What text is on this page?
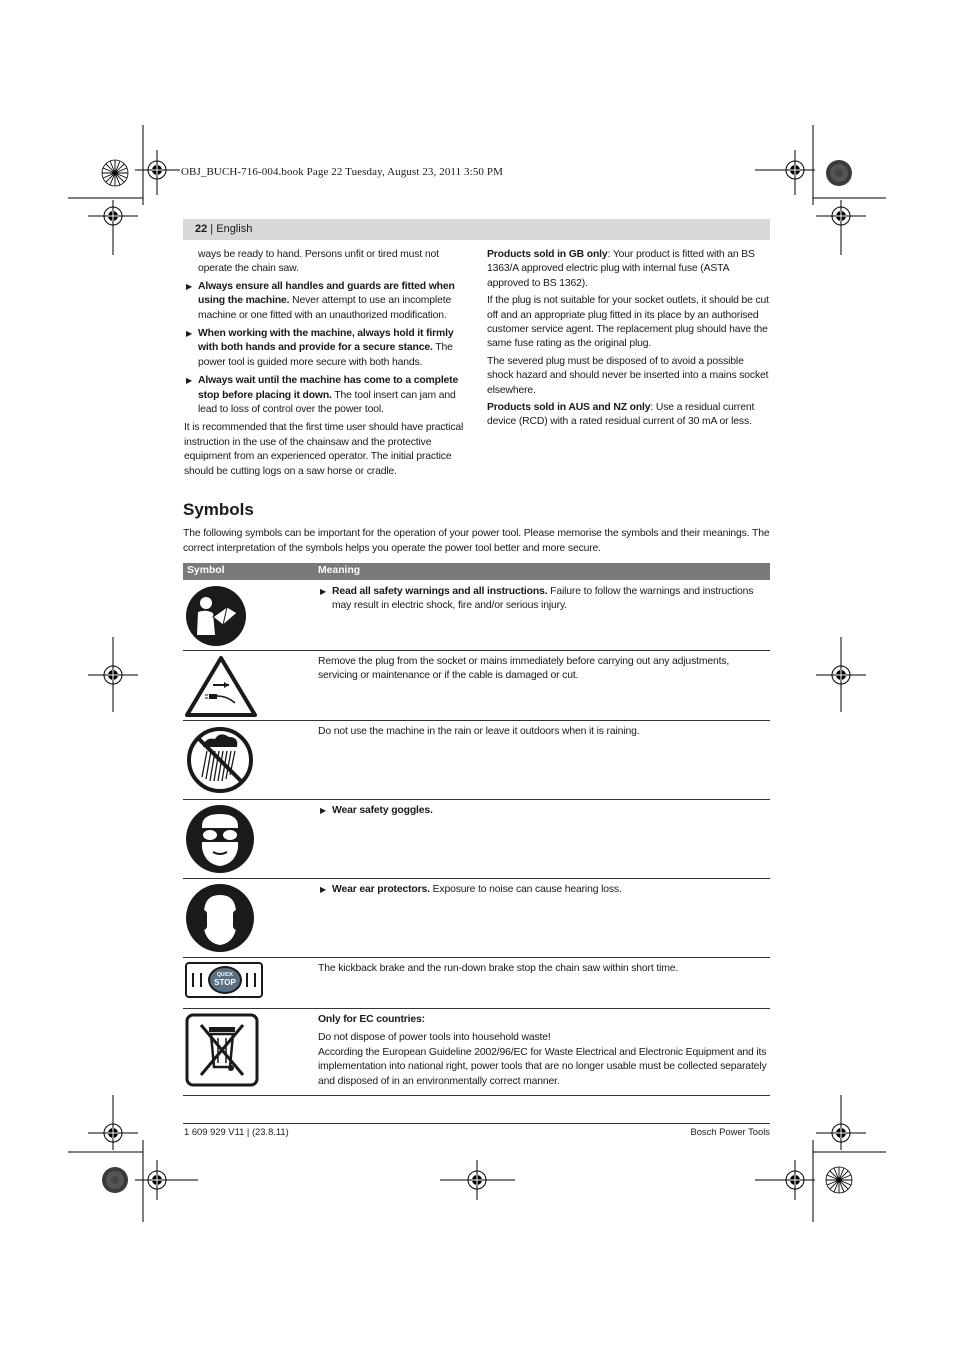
OBJ_BUCH-716-004.book Page 22 Tuesday, August 23, 2011 3:50 PM
22 | English

ways be ready to hand. Persons unfit or tired must not operate the chain saw.

▶ Always ensure all handles and guards are fitted when using the machine. Never attempt to use an incomplete machine or one fitted with an unauthorized modification.
▶ When working with the machine, always hold it firmly with both hands and provide for a secure stance. The power tool is guided more secure with both hands.
▶ Always wait until the machine has come to a complete stop before placing it down. The tool insert can jam and lead to loss of control over the power tool.

It is recommended that the first time user should have practical instruction in the use of the chainsaw and the protective equipment from an experienced operator. The initial practice should be cutting logs on a saw horse or cradle.

Products sold in GB only: Your product is fitted with an BS 1363/A approved electric plug with internal fuse (ASTA approved to BS 1362).

If the plug is not suitable for your socket outlets, it should be cut off and an appropriate plug fitted in its place by an authorised customer service agent. The replacement plug should have the same fuse rating as the original plug.

The severed plug must be disposed of to avoid a possible shock hazard and should never be inserted into a mains socket elsewhere.

Products sold in AUS and NZ only: Use a residual current device (RCD) with a rated residual current of 30 mA or less.

Symbols
The following symbols can be important for the operation of your power tool. Please memorise the symbols and their meanings. The correct interpretation of the symbols helps you operate the power tool better and more secure.
Symbol	Meaning
▶ Read all safety warnings and all instructions. Failure to follow the warnings and instructions may result in electric shock, fire and/or serious injury.

Remove the plug from the socket or mains immediately before carrying out any adjustments, servicing or maintenance or if the cable is damaged or cut.

Do not use the machine in the rain or leave it outdoors when it is raining.

▶ Wear safety goggles.
▶ Wear ear protectors. Exposure to noise can cause hearing loss.
QUICK
STOP

The kickback brake and the run-down brake stop the chain saw within short time.

Only for EC countries:

Do not dispose of power tools into household waste!

According the European Guideline 2002/96/EC for Waste Electrical and Electronic Equipment and its implementation into national right, power tools that are no longer usable must be collected separately and disposed of in an environmentally correct manner.

1 609 929 V11 | (23.8.11)	Bosch Power Tools
